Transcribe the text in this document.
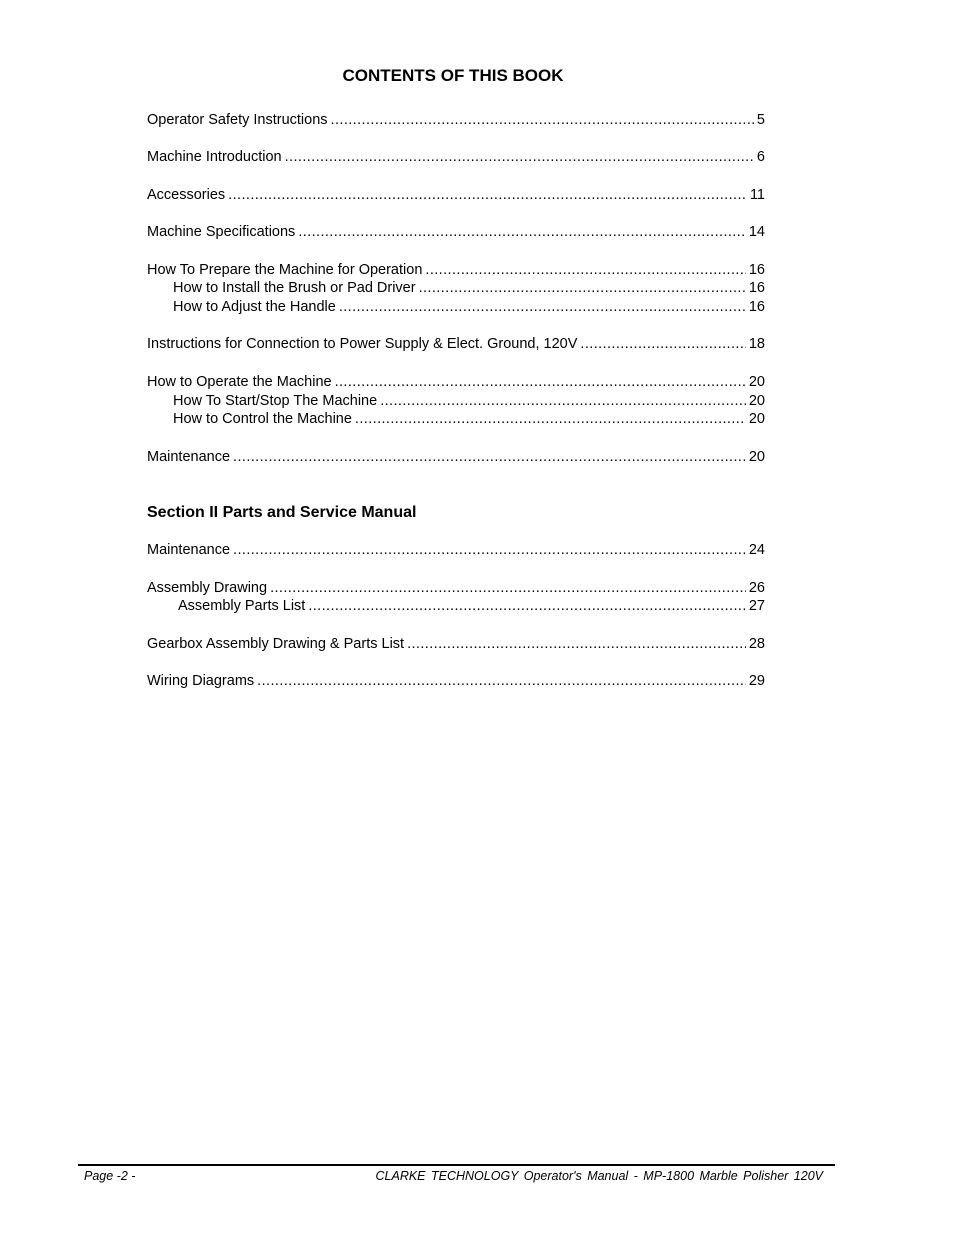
CONTENTS OF THIS BOOK
Operator Safety Instructions .....	5
Machine Introduction .....	6
Accessories .....	11
Machine Specifications .....	14
How To Prepare the Machine for Operation .....	16
How to Install the Brush or Pad Driver .....	16
How to Adjust the Handle .....	16
Instructions for Connection to Power Supply & Elect. Ground, 120V .....	18
How to Operate the Machine .....	20
How To Start/Stop The Machine .....	20
How to Control the Machine .....	20
Maintenance .....	20
Maintenance .....	24
Assembly Drawing .....	26
Assembly Parts List .....	27
Gearbox Assembly Drawing & Parts List .....	28
Wiring Diagrams .....	29
Section II Parts and Service Manual
Page -2 -	CLARKE TECHNOLOGY Operator's Manual - MP-1800 Marble Polisher 120V
